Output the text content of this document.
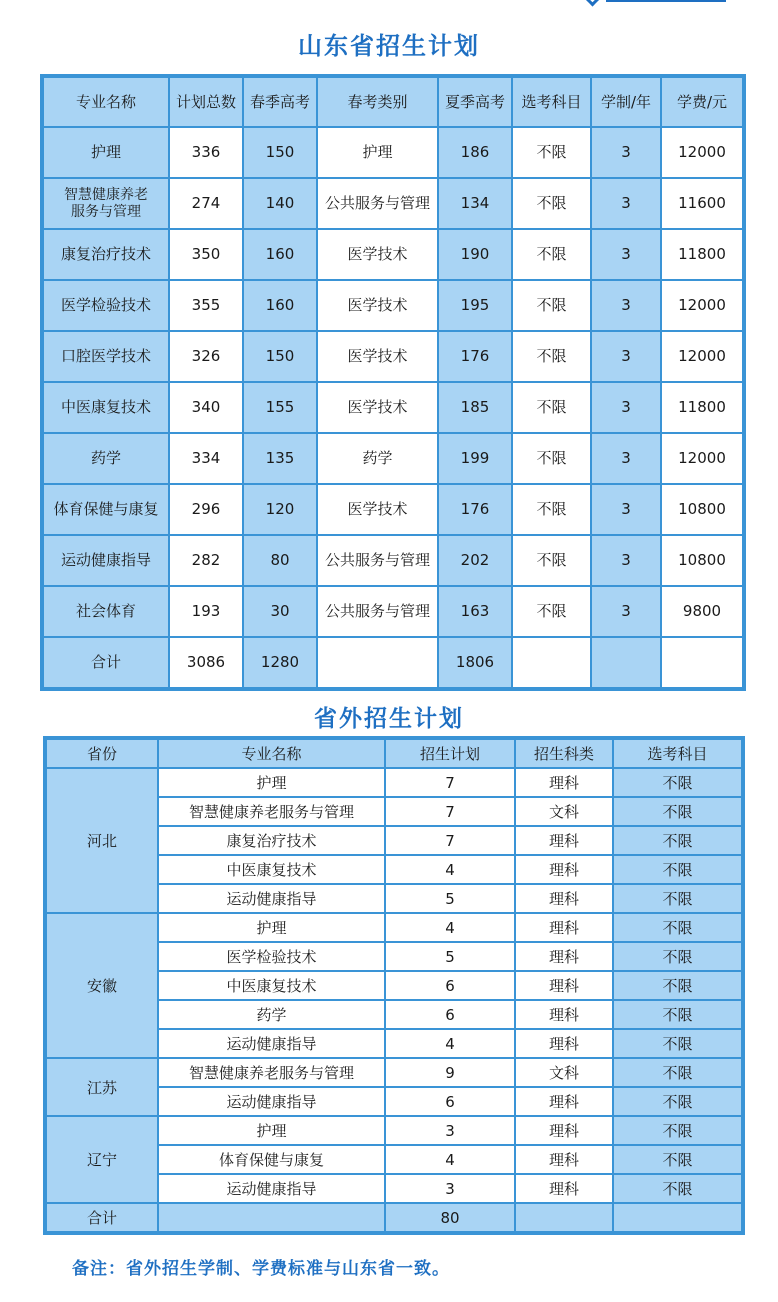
山东省招生计划
专业名称	计划总数	春季高考	春考类别	夏季高考	选考科目	学制/年	学费/元
护理	336	150	护理	186	不限	3	12000
智慧健康养老
服务与管理	274	140	公共服务与管理	134	不限	3	11600
康复治疗技术	350	160	医学技术	190	不限	3	11800
医学检验技术	355	160	医学技术	195	不限	3	12000
口腔医学技术	326	150	医学技术	176	不限	3	12000
中医康复技术	340	155	医学技术	185	不限	3	11800
药学	334	135	药学	199	不限	3	12000
体育保健与康复	296	120	医学技术	176	不限	3	10800
运动健康指导	282	80	公共服务与管理	202	不限	3	10800
社会体育	193	30	公共服务与管理	163	不限	3	9800
合计	3086	1280		1806			
省外招生计划
省份	专业名称	招生计划	招生科类	选考科目
河北	护理	7	理科	不限
	智慧健康养老服务与管理	7	文科	不限
	康复治疗技术	7	理科	不限
	中医康复技术	4	理科	不限
	运动健康指导	5	理科	不限
安徽	护理	4	理科	不限
	医学检验技术	5	理科	不限
	中医康复技术	6	理科	不限
	药学	6	理科	不限
	运动健康指导	4	理科	不限
江苏	智慧健康养老服务与管理	9	文科	不限
	运动健康指导	6	理科	不限
辽宁	护理	3	理科	不限
	体育保健与康复	4	理科	不限
	运动健康指导	3	理科	不限
合计		80		
备注：省外招生学制、学费标准与山东省一致。
